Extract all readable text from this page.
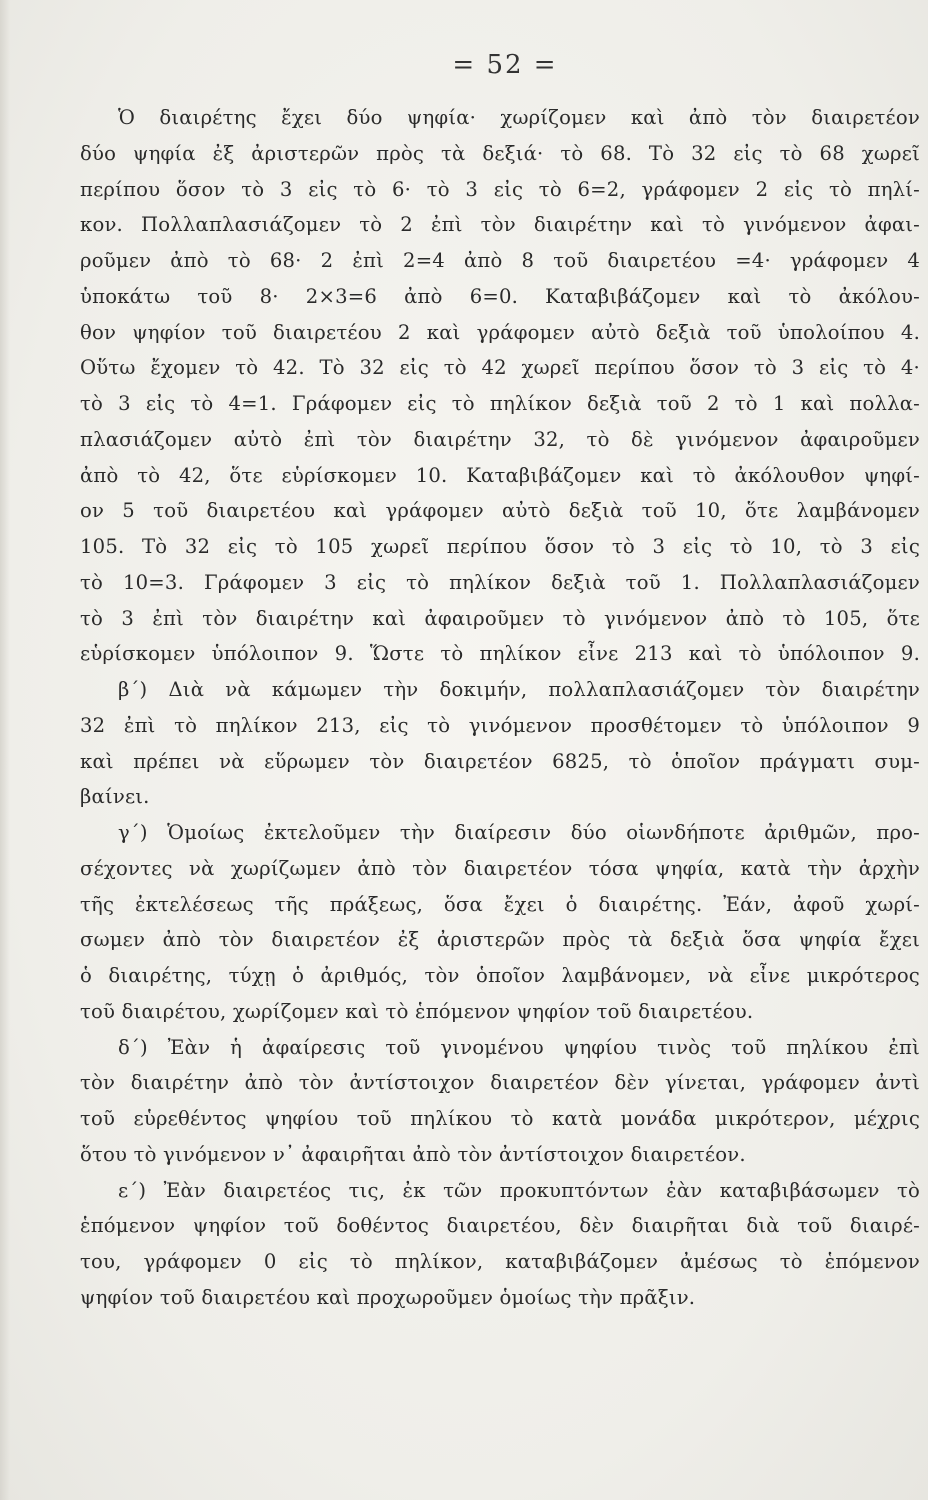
= 52 =
Ὁ διαιρέτης ἔχει δύο ψηφία· χωρίζομεν καὶ ἀπὸ τὸν διαιρετέον
δύο ψηφία ἐξ ἀριστερῶν πρὸς τὰ δεξιά· τὸ 68. Τὸ 32 εἰς τὸ 68 χωρεῖ
περίπου ὅσον τὸ 3 εἰς τὸ 6· τὸ 3 εἰς τὸ 6=2, γράφομεν 2 εἰς τὸ πηλί-
κον. Πολλαπλασιάζομεν τὸ 2 ἐπὶ τὸν διαιρέτην καὶ τὸ γινόμενον ἀφαι-
ροῦμεν ἀπὸ τὸ 68· 2 ἐπὶ 2=4 ἀπὸ 8 τοῦ διαιρετέου =4· γράφομεν 4
ὑποκάτω τοῦ 8· 2×3=6 ἀπὸ 6=0. Καταβιβάζομεν καὶ τὸ ἀκόλου-
θον ψηφίον τοῦ διαιρετέου 2 καὶ γράφομεν αὐτὸ δεξιὰ τοῦ ὑπολοίπου 4.
Οὕτω ἔχομεν τὸ 42. Τὸ 32 εἰς τὸ 42 χωρεῖ περίπου ὅσον τὸ 3 εἰς τὸ 4·
τὸ 3 εἰς τὸ 4=1. Γράφομεν εἰς τὸ πηλίκον δεξιὰ τοῦ 2 τὸ 1 καὶ πολλα-
πλασιάζομεν αὐτὸ ἐπὶ τὸν διαιρέτην 32, τὸ δὲ γινόμενον ἀφαιροῦμεν
ἀπὸ τὸ 42, ὅτε εὑρίσκομεν 10. Καταβιβάζομεν καὶ τὸ ἀκόλουθον ψηφί-
ον 5 τοῦ διαιρετέου καὶ γράφομεν αὐτὸ δεξιὰ τοῦ 10, ὅτε λαμβάνομεν
105. Τὸ 32 εἰς τὸ 105 χωρεῖ περίπου ὅσον τὸ 3 εἰς τὸ 10, τὸ 3 εἰς
τὸ 10=3. Γράφομεν 3 εἰς τὸ πηλίκον δεξιὰ τοῦ 1. Πολλαπλασιάζομεν
τὸ 3 ἐπὶ τὸν διαιρέτην καὶ ἀφαιροῦμεν τὸ γινόμενον ἀπὸ τὸ 105, ὅτε
εὑρίσκομεν ὑπόλοιπον 9. Ὥστε τὸ πηλίκον εἶνε 213 καὶ τὸ ὑπόλοιπον 9.
β΄) Διὰ νὰ κάμωμεν τὴν δοκιμήν, πολλαπλασιάζομεν τὸν διαιρέτην
32 ἐπὶ τὸ πηλίκον 213, εἰς τὸ γινόμενον προσθέτομεν τὸ ὑπόλοιπον 9
καὶ πρέπει νὰ εὕρωμεν τὸν διαιρετέον 6825, τὸ ὁποῖον πράγματι συμ-
βαίνει.
γ΄) Ὁμοίως ἐκτελοῦμεν τὴν διαίρεσιν δύο οἱωνδήποτε ἀριθμῶν, προ-
σέχοντες νὰ χωρίζωμεν ἀπὸ τὸν διαιρετέον τόσα ψηφία, κατὰ τὴν ἀρχὴν
τῆς ἐκτελέσεως τῆς πράξεως, ὅσα ἔχει ὁ διαιρέτης. Ἐάν, ἀφοῦ χωρί-
σωμεν ἀπὸ τὸν διαιρετέον ἐξ ἀριστερῶν πρὸς τὰ δεξιὰ ὅσα ψηφία ἔχει
ὁ διαιρέτης, τύχῃ ὁ ἀριθμός, τὸν ὁποῖον λαμβάνομεν, νὰ εἶνε μικρότερος
τοῦ διαιρέτου, χωρίζομεν καὶ τὸ ἑπόμενον ψηφίον τοῦ διαιρετέου.
δ΄) Ἐὰν ἡ ἀφαίρεσις τοῦ γινομένου ψηφίου τινὸς τοῦ πηλίκου ἐπὶ
τὸν διαιρέτην ἀπὸ τὸν ἀντίστοιχον διαιρετέον δὲν γίνεται, γράφομεν ἀντὶ
τοῦ εὑρεθέντος ψηφίου τοῦ πηλίκου τὸ κατὰ μονάδα μικρότερον, μέχρις
ὅτου τὸ γινόμενον ν᾿ ἀφαιρῆται ἀπὸ τὸν ἀντίστοιχον διαιρετέον.
ε΄) Ἐὰν διαιρετέος τις, ἐκ τῶν προκυπτόντων ἐὰν καταβιβάσωμεν τὸ
ἑπόμενον ψηφίον τοῦ δοθέντος διαιρετέου, δὲν διαιρῆται διὰ τοῦ διαιρέ-
του, γράφομεν 0 εἰς τὸ πηλίκον, καταβιβάζομεν ἀμέσως τὸ ἑπόμενον
ψηφίον τοῦ διαιρετέου καὶ προχωροῦμεν ὁμοίως τὴν πρᾶξιν.
